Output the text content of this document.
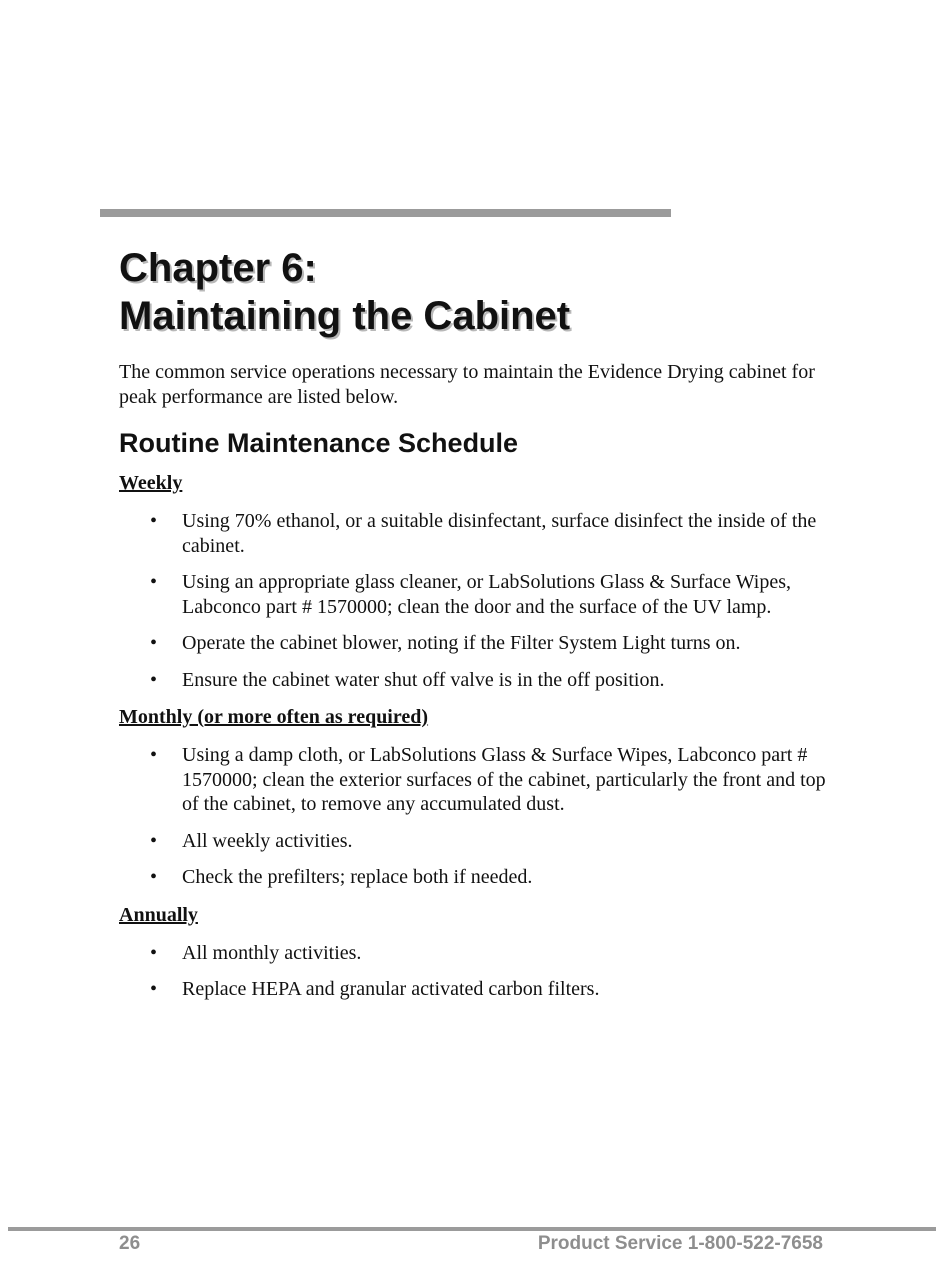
Chapter 6:
Maintaining the Cabinet

The common service operations necessary to maintain the Evidence Drying cabinet for peak performance are listed below.

Routine Maintenance Schedule
Weekly
• Using 70% ethanol, or a suitable disinfectant, surface disinfect the inside of the cabinet.
• Using an appropriate glass cleaner, or LabSolutions Glass & Surface Wipes, Labconco part # 1570000; clean the door and the surface of the UV lamp.
• Operate the cabinet blower, noting if the Filter System Light turns on.
• Ensure the cabinet water shut off valve is in the off position.
Monthly (or more often as required)
• Using a damp cloth, or LabSolutions Glass & Surface Wipes, Labconco part # 1570000; clean the exterior surfaces of the cabinet, particularly the front and top of the cabinet, to remove any accumulated dust.
• All weekly activities.
• Check the prefilters; replace both if needed.
Annually
• All monthly activities.
• Replace HEPA and granular activated carbon filters.
26	Product Service 1-800-522-7658
